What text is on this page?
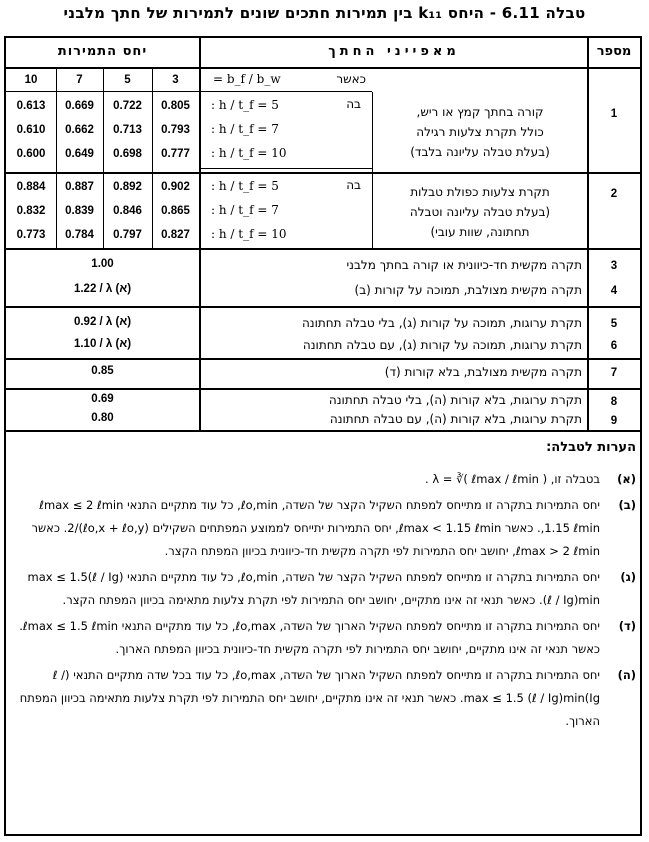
טבלה 6.11 - היחס k₁₁ בין תמירות חתכים שונים לתמירות של חתך מלבני
מספר
מאפייני החתך
יחס התמירות
3
5
7
10	כאשר
= b_f / b_w
1
קורה בחתך קמץ או ריש,
כולל תקרת צלעות רגילה
(בעלת טבלה עליונה בלבד)
בה
: h / t_f = 5
: h / t_f = 7
: h / t_f = 10
0.805
0.722
0.669
0.613
0.793
0.713
0.662
0.610
0.777
0.698
0.649
0.600
2
תקרת צלעות כפולת טבלות
(בעלת טבלה עליונה וטבלה
תחתונה, שוות עובי)
בה
: h / t_f = 5
: h / t_f = 7
: h / t_f = 10
0.902
0.892
0.887
0.884
0.865
0.846
0.839
0.832
0.827
0.797
0.784
0.773
3
4
תקרה מקשית חד-כיוונית או קורה בחתך מלבני
תקרה מקשית מצולבת, תמוכה על קורות (ב)
1.00
1.22 / λ (א)
5
6
תקרת ערוגות, תמוכה על קורות (ג), בלי טבלה תחתונה
תקרת ערוגות, תמוכה על קורות (ג), עם טבלה תחתונה
0.92 / λ (א)
1.10 / λ (א)
7
תקרה מקשית מצולבת, בלא קורות (ד)
0.85
8
9
תקרת ערוגות, בלא קורות (ה), בלי טבלה תחתונה
תקרת ערוגות, בלא קורות (ה), עם טבלה תחתונה
0.69
0.80
הערות לטבלה:
(א)
בטבלה זו, λ = ∛( ℓmax / ℓmin ) .
(ב)
יחס התמירות בתקרה זו מתייחס למפתח השקיל הקצר של השדה, ℓo,min, כל עוד מתקיים התנאי ℓmax ≤ 2 ℓmin ,1.15 ℓmin. כאשר ℓmax < 1.15 ℓmin, יחס התמירות יתייחס לממוצע המפתחים השקילים (ℓo,x + ℓo,y)/2. כאשר ℓmax > 2 ℓmin, יחושב יחס התמירות לפי תקרה מקשית חד-כיוונית בכיוון המפתח הקצר.
(ג)
יחס התמירות בתקרה זו מתייחס למפתח השקיל הקצר של השדה, ℓo,min, כל עוד מתקיים התנאי (ℓ / Ig)max ≤ 1.5 (ℓ / Ig)min. כאשר תנאי זה אינו מתקיים, יחושב יחס התמירות לפי תקרת צלעות מתאימה בכיוון המפתח הקצר.
(ד)
יחס התמירות בתקרה זו מתייחס למפתח השקיל הארוך של השדה, ℓo,max, כל עוד מתקיים התנאי ℓmax ≤ 1.5 ℓmin. כאשר תנאי זה אינו מתקיים, יחושב יחס התמירות לפי תקרה מקשית חד-כיוונית בכיוון המפתח הארוך.
(ה)
יחס התמירות בתקרה זו מתייחס למפתח השקיל הארוך של השדה, ℓo,max, כל עוד בכל שדה מתקיים התנאי (ℓ / Ig)max ≤ 1.5 (ℓ / Ig)min. כאשר תנאי זה אינו מתקיים, יחושב יחס התמירות לפי תקרת צלעות מתאימה בכיוון המפתח הארוך.
